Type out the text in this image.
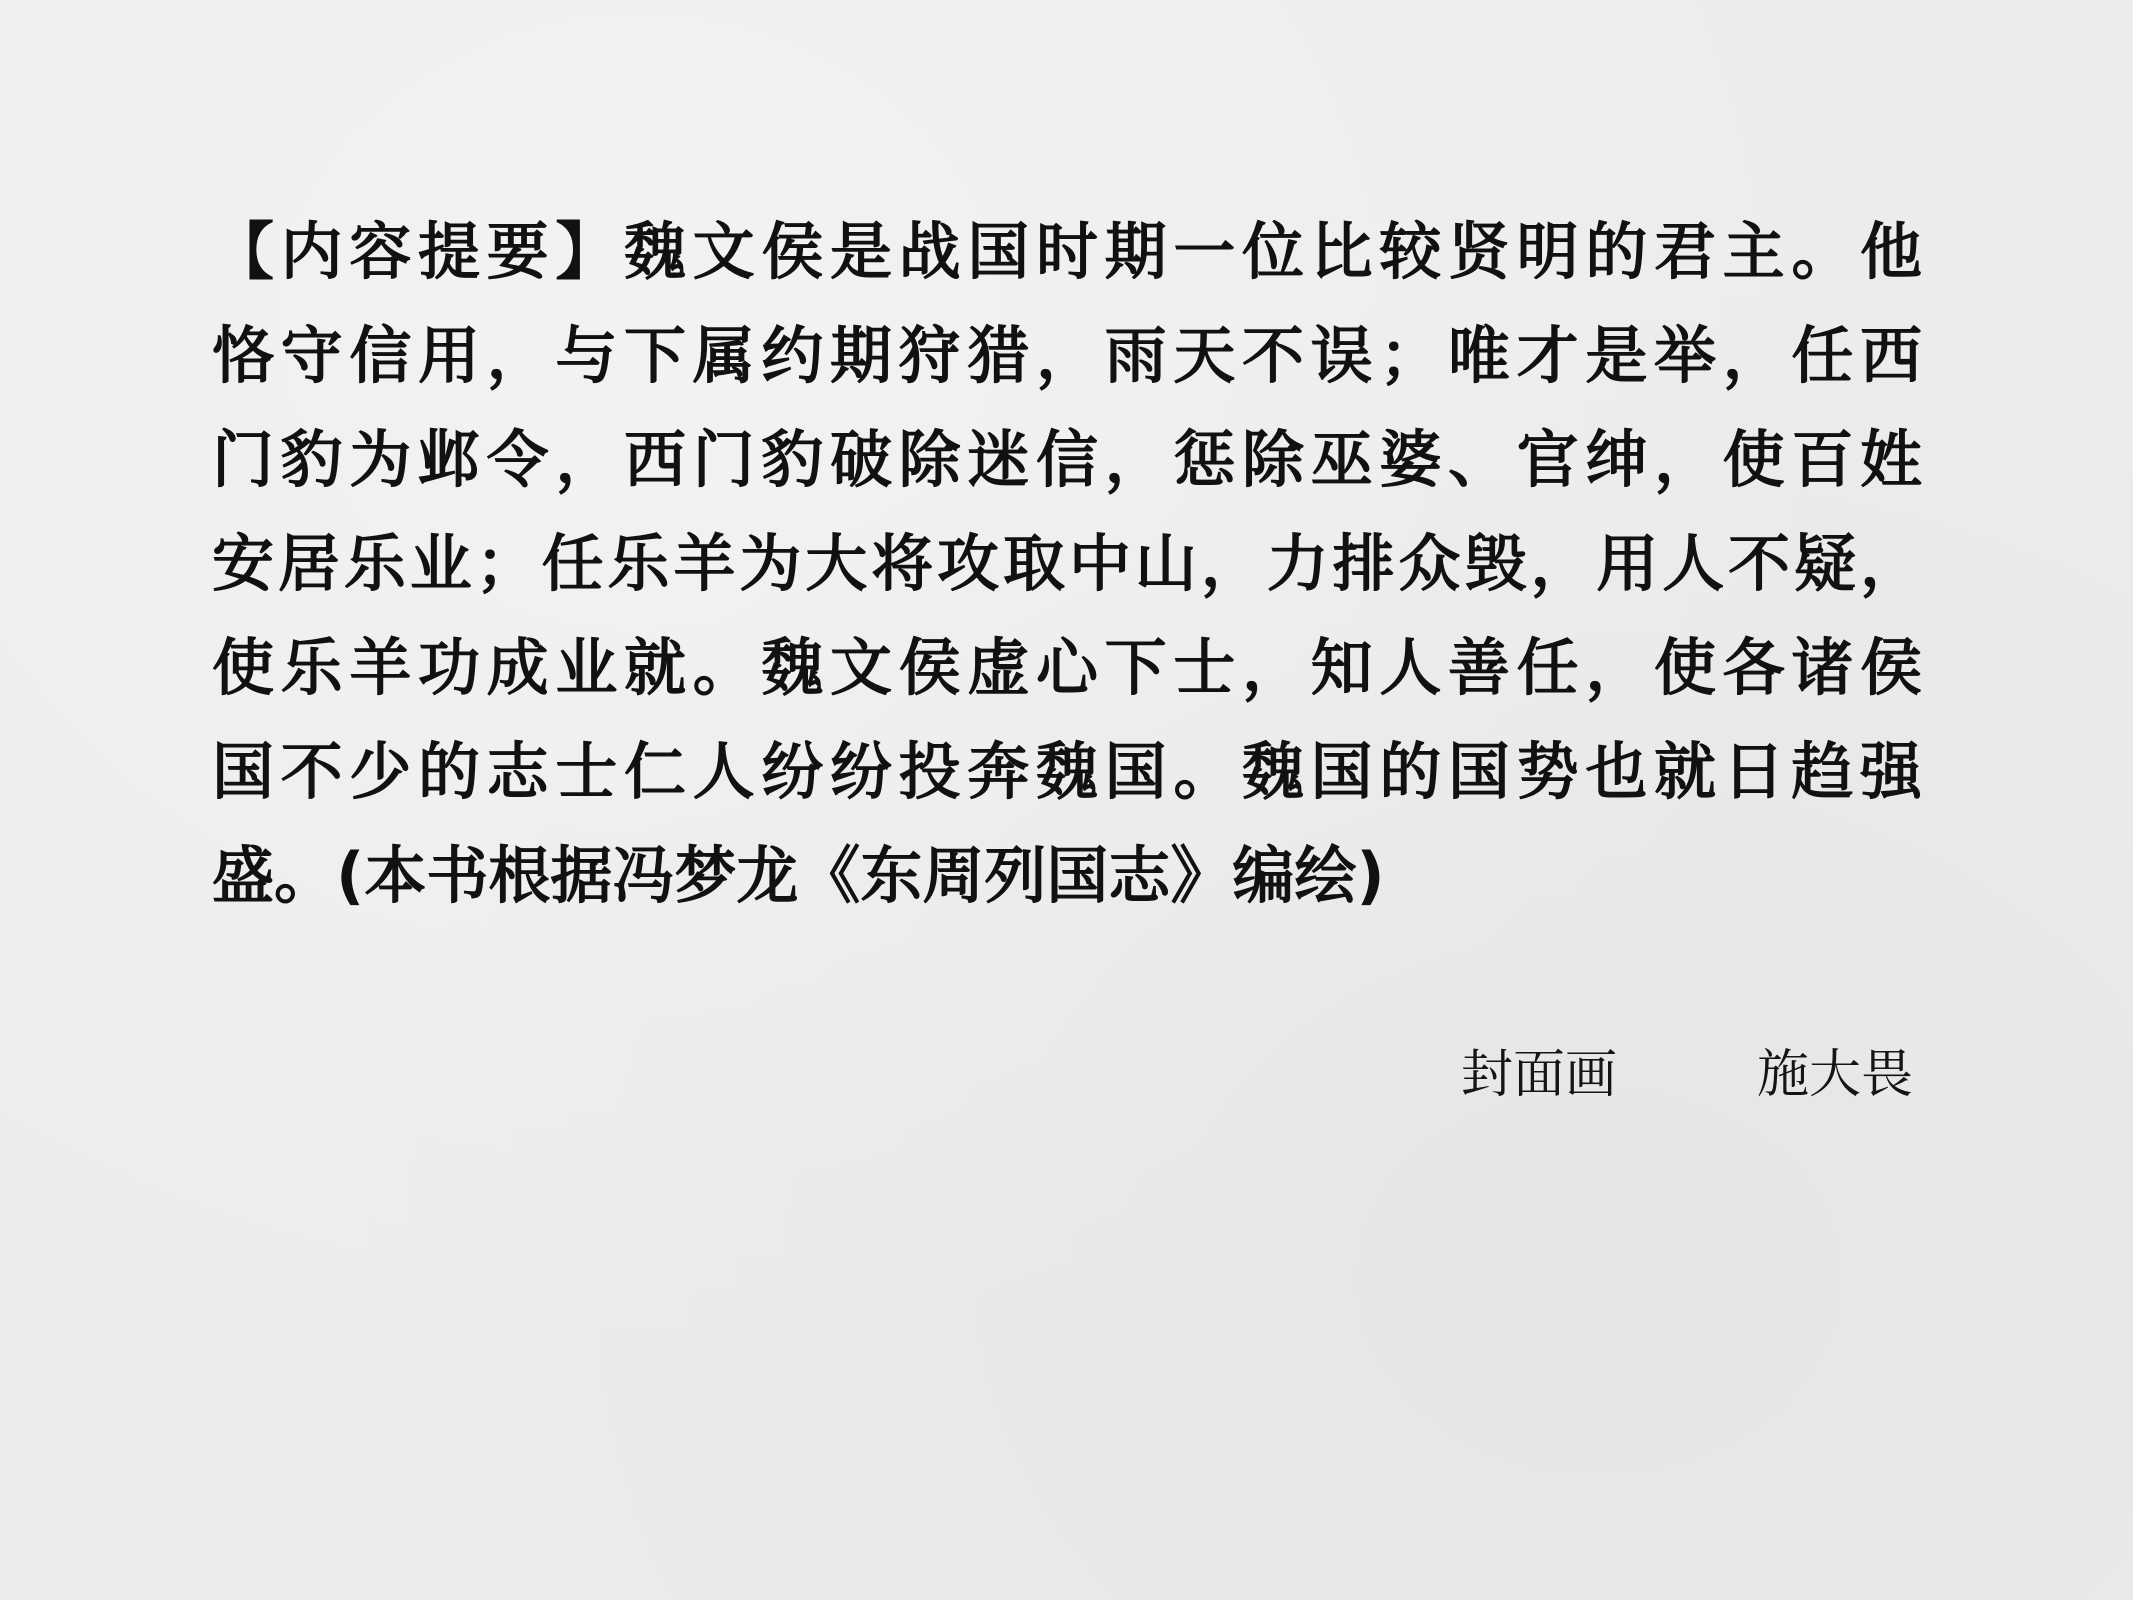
【内容提要】魏文侯是战国时期一位比较贤明的君主。他
恪守信用，与下属约期狩猎，雨天不误；唯才是举，任西
门豹为邺令，西门豹破除迷信，惩除巫婆、官绅，使百姓
安居乐业；任乐羊为大将攻取中山，力排众毁，用人不疑，
使乐羊功成业就。魏文侯虚心下士，知人善任，使各诸侯
国不少的志士仁人纷纷投奔魏国。魏国的国势也就日趋强
盛。(本书根据冯梦龙《东周列国志》编绘)
封面画	施大畏
